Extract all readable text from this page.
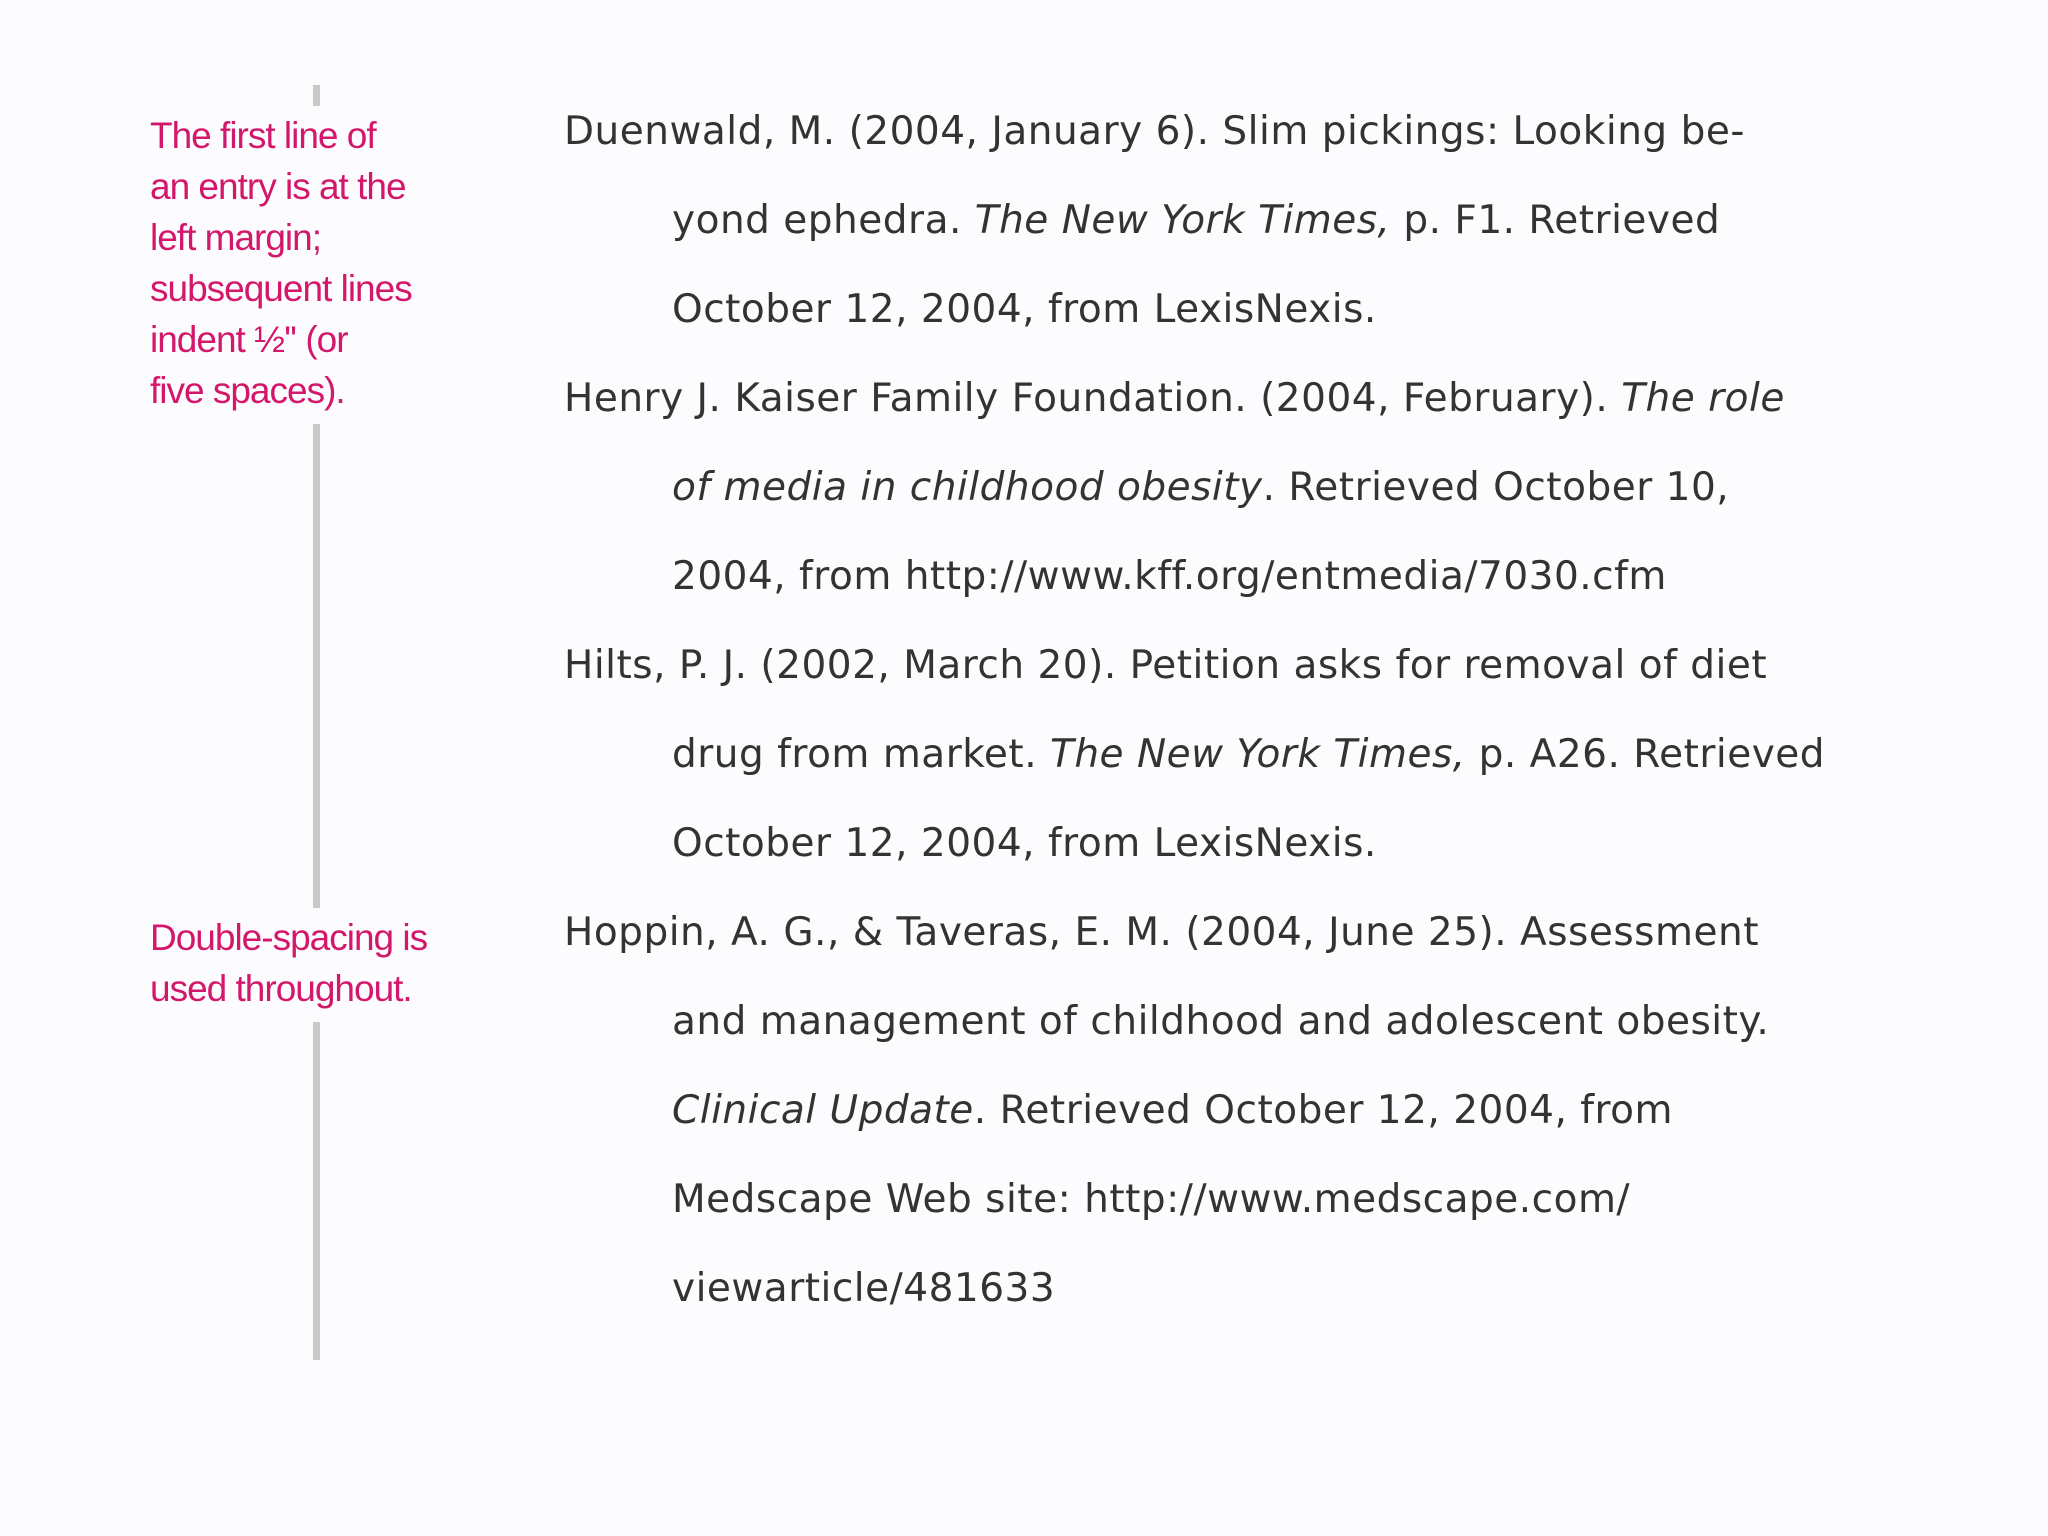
The first line of
an entry is at the
left margin;
subsequent lines
indent ½'' (or
five spaces).
Double-spacing is
used throughout.
Duenwald, M. (2004, January 6). Slim pickings: Looking be-
yond ephedra. The New York Times, p. F1. Retrieved
October 12, 2004, from LexisNexis.
Henry J. Kaiser Family Foundation. (2004, February). The role
of media in childhood obesity. Retrieved October 10,
2004, from http://www.kff.org/entmedia/7030.cfm
Hilts, P. J. (2002, March 20). Petition asks for removal of diet
drug from market. The New York Times, p. A26. Retrieved
October 12, 2004, from LexisNexis.
Hoppin, A. G., & Taveras, E. M. (2004, June 25). Assessment
and management of childhood and adolescent obesity.
Clinical Update. Retrieved October 12, 2004, from
Medscape Web site: http://www.medscape.com/
viewarticle/481633
